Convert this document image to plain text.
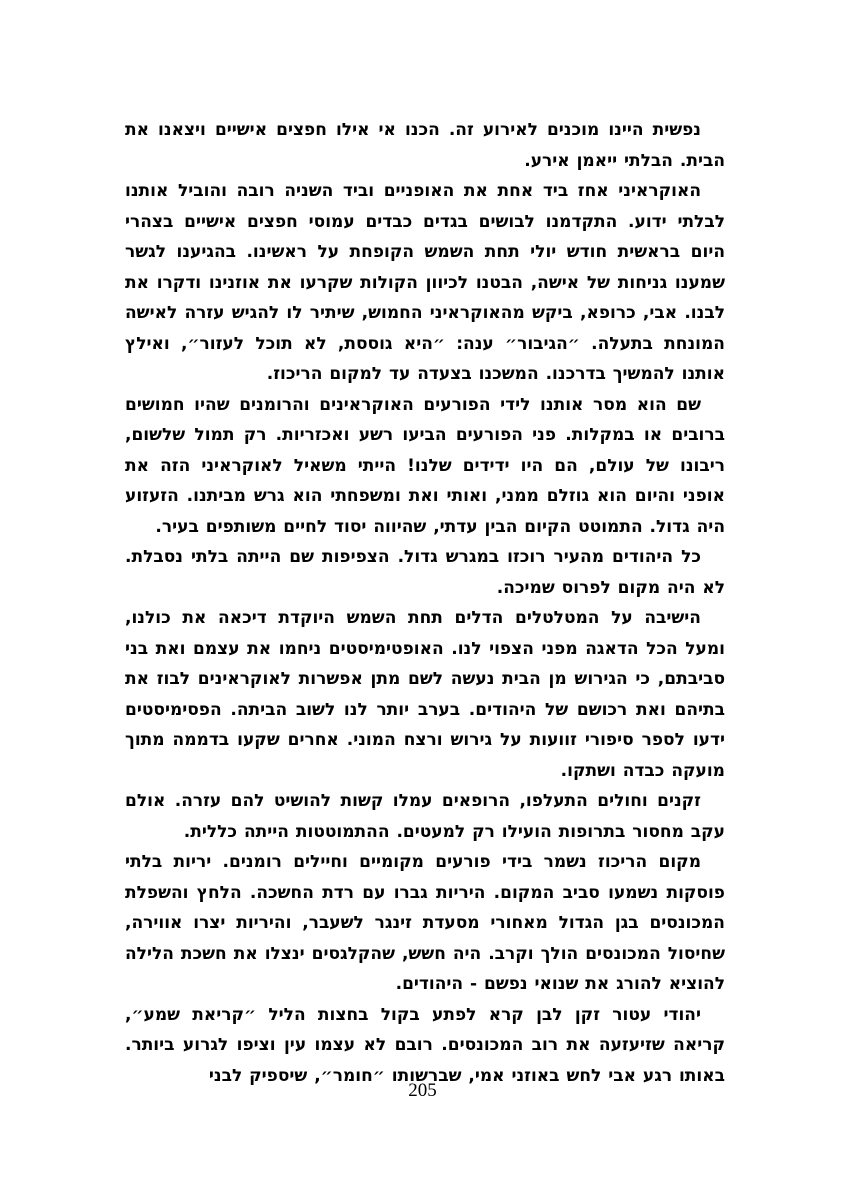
נפשית היינו מוכנים לאירוע זה. הכנו אי אילו חפצים אישיים ויצאנו את הבית. הבלתי ייאמן אירע.

האוקראיני אחז ביד אחת את האופניים וביד השניה רובה והוביל אותנו לבלתי ידוע. התקדמנו לבושים בגדים כבדים עמוסי חפצים אישיים בצהרי היום בראשית חודש יולי תחת השמש הקופחת על ראשינו. בהגיענו לגשר שמענו גניחות של אישה, הבטנו לכיוון הקולות שקרעו את אוזנינו ודקרו את לבנו. אבי, כרופא, ביקש מהאוקראיני החמוש, שיתיר לו להגיש עזרה לאישה המונחת בתעלה. ״הגיבור״ ענה: ״היא גוססת, לא תוכל לעזור״, ואילץ אותנו להמשיך בדרכנו. המשכנו בצעדה עד למקום הריכוז.

שם הוא מסר אותנו לידי הפורעים האוקראינים והרומנים שהיו חמושים ברובים או במקלות. פני הפורעים הביעו רשע ואכזריות. רק תמול שלשום, ריבונו של עולם, הם היו ידידים שלנו! הייתי משאיל לאוקראיני הזה את אופני והיום הוא גוזלם ממני, ואותי ואת ומשפחתי הוא גרש מביתנו. הזעזוע היה גדול. התמוטט הקיום הבין עדתי, שהיווה יסוד לחיים משותפים בעיר.

כל היהודים מהעיר רוכזו במגרש גדול. הצפיפות שם הייתה בלתי נסבלת. לא היה מקום לפרוס שמיכה.

הישיבה על המטלטלים הדלים תחת השמש היוקדת דיכאה את כולנו, ומעל הכל הדאגה מפני הצפוי לנו. האופטימיסטים ניחמו את עצמם ואת בני סביבתם, כי הגירוש מן הבית נעשה לשם מתן אפשרות לאוקראינים לבוז את בתיהם ואת רכושם של היהודים. בערב יותר לנו לשוב הביתה. הפסימיסטים ידעו לספר סיפורי זוועות על גירוש ורצח המוני. אחרים שקעו בדממה מתוך מועקה כבדה ושתקו.

זקנים וחולים התעלפו, הרופאים עמלו קשות להושיט להם עזרה. אולם עקב מחסור בתרופות הועילו רק למעטים. ההתמוטטות הייתה כללית.

מקום הריכוז נשמר בידי פורעים מקומיים וחיילים רומנים. יריות בלתי פוסקות נשמעו סביב המקום. היריות גברו עם רדת החשכה. הלחץ והשפלת המכונסים בגן הגדול מאחורי מסעדת זינגר לשעבר, והיריות יצרו אווירה, שחיסול המכונסים הולך וקרב. היה חשש, שהקלגסים ינצלו את חשכת הלילה להוציא להורג את שנואי נפשם - היהודים.

יהודי עטור זקן לבן קרא לפתע בקול בחצות הליל ״קריאת שמע״, קריאה שזיעזעה את רוב המכונסים. רובם לא עצמו עין וציפו לגרוע ביותר. באותו רגע אבי לחש באוזני אמי, שברשותו ״חומר״, שיספיק לבני

205
